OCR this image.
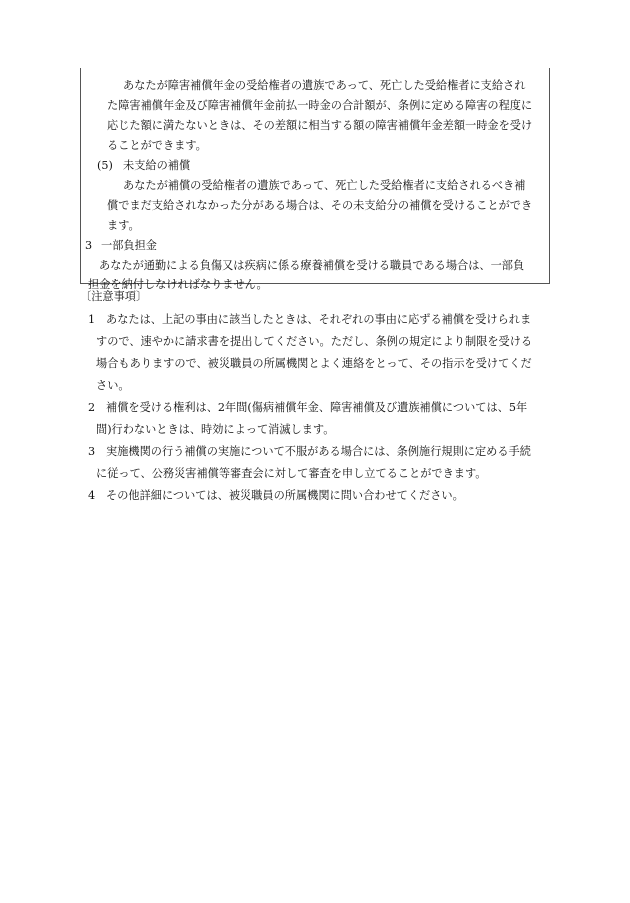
あなたが障害補償年金の受給権者の遺族であって、死亡した受給権者に支給され
た障害補償年金及び障害補償年金前払一時金の合計額が、条例に定める障害の程度に
応じた額に満たないときは、その差額に相当する額の障害補償年金差額一時金を受け
ることができます。
(5) 未支給の補償
あなたが補償の受給権者の遺族であって、死亡した受給権者に支給されるべき補
償でまだ支給されなかった分がある場合は、その未支給分の補償を受けることができ
ます。
3 一部負担金
あなたが通勤による負傷又は疾病に係る療養補償を受ける職員である場合は、一部負
担金を納付しなければなりません。
〔注意事項〕
1 あなたは、上記の事由に該当したときは、それぞれの事由に応ずる補償を受けられま
すので、速やかに請求書を提出してください。ただし、条例の規定により制限を受ける
場合もありますので、被災職員の所属機関とよく連絡をとって、その指示を受けてくだ
さい。
2 補償を受ける権利は、2年間(傷病補償年金、障害補償及び遺族補償については、5年
間)行わないときは、時効によって消滅します。
3 実施機関の行う補償の実施について不服がある場合には、条例施行規則に定める手続
に従って、公務災害補償等審査会に対して審査を申し立てることができます。
4 その他詳細については、被災職員の所属機関に問い合わせてください。
